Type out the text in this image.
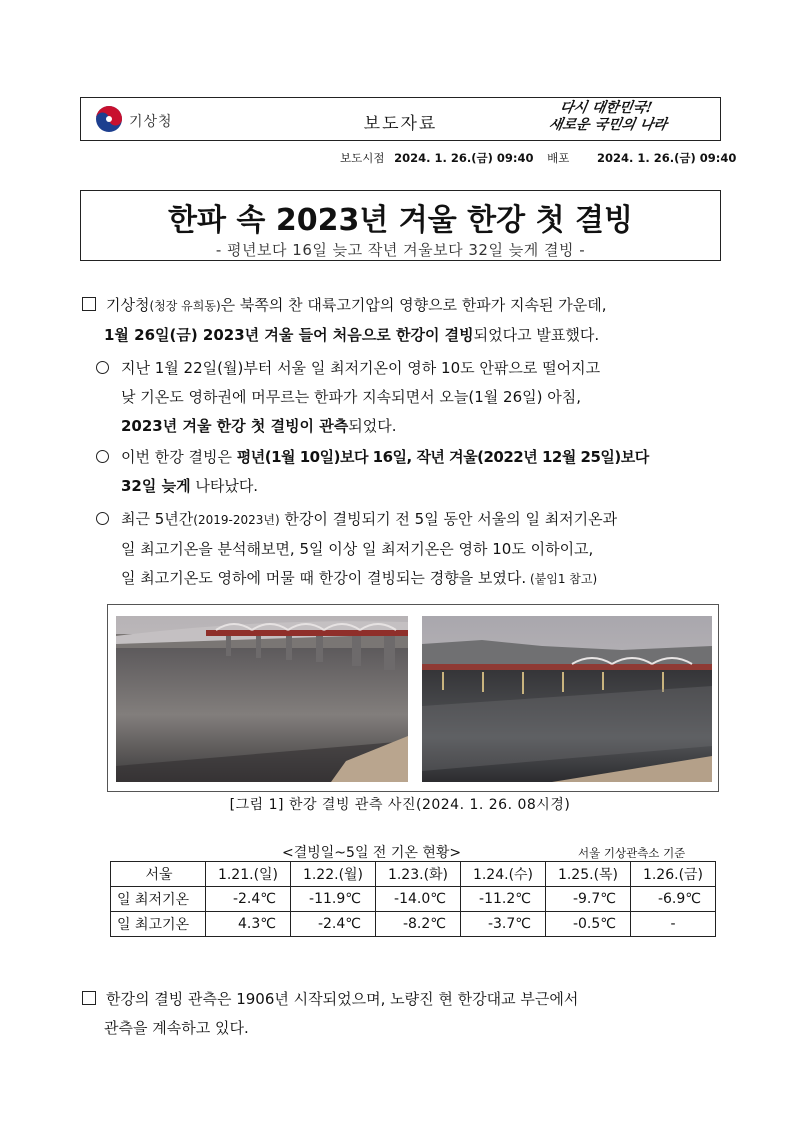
기상청	보도자료
다시 대한민국!
새로운 국민의 나라
보도시점 2024. 1. 26.(금) 09:40 배포 2024. 1. 26.(금) 09:40
한파 속 2023년 겨울 한강 첫 결빙
- 평년보다 16일 늦고 작년 겨울보다 32일 늦게 결빙 -
기상청(청장 유희동)은 북쪽의 찬 대륙고기압의 영향으로 한파가 지속된 가운데,
1월 26일(금) 2023년 겨울 들어 처음으로 한강이 결빙되었다고 발표했다.
지난 1월 22일(월)부터 서울 일 최저기온이 영하 10도 안팎으로 떨어지고
낮 기온도 영하권에 머무르는 한파가 지속되면서 오늘(1월 26일) 아침,
2023년 겨울 한강 첫 결빙이 관측되었다.
이번 한강 결빙은 평년(1월 10일)보다 16일, 작년 겨울(2022년 12월 25일)보다
32일 늦게 나타났다.
최근 5년간(2019-2023년) 한강이 결빙되기 전 5일 동안 서울의 일 최저기온과
일 최고기온을 분석해보면, 5일 이상 일 최저기온은 영하 10도 이하이고,
일 최고기온도 영하에 머물 때 한강이 결빙되는 경향을 보였다. (붙임1 참고)
[그림 1] 한강 결빙 관측 사진(2024. 1. 26. 08시경)
<결빙일~5일 전 기온 현황>	서울 기상관측소 기준
서울	1.21.(일)	1.22.(월)	1.23.(화)	1.24.(수)	1.25.(목)	1.26.(금)
일 최저기온	-2.4℃	-11.9℃	-14.0℃	-11.2℃	-9.7℃	-6.9℃
일 최고기온	4.3℃	-2.4℃	-8.2℃	-3.7℃	-0.5℃	-
한강의 결빙 관측은 1906년 시작되었으며, 노량진 현 한강대교 부근에서
관측을 계속하고 있다.
